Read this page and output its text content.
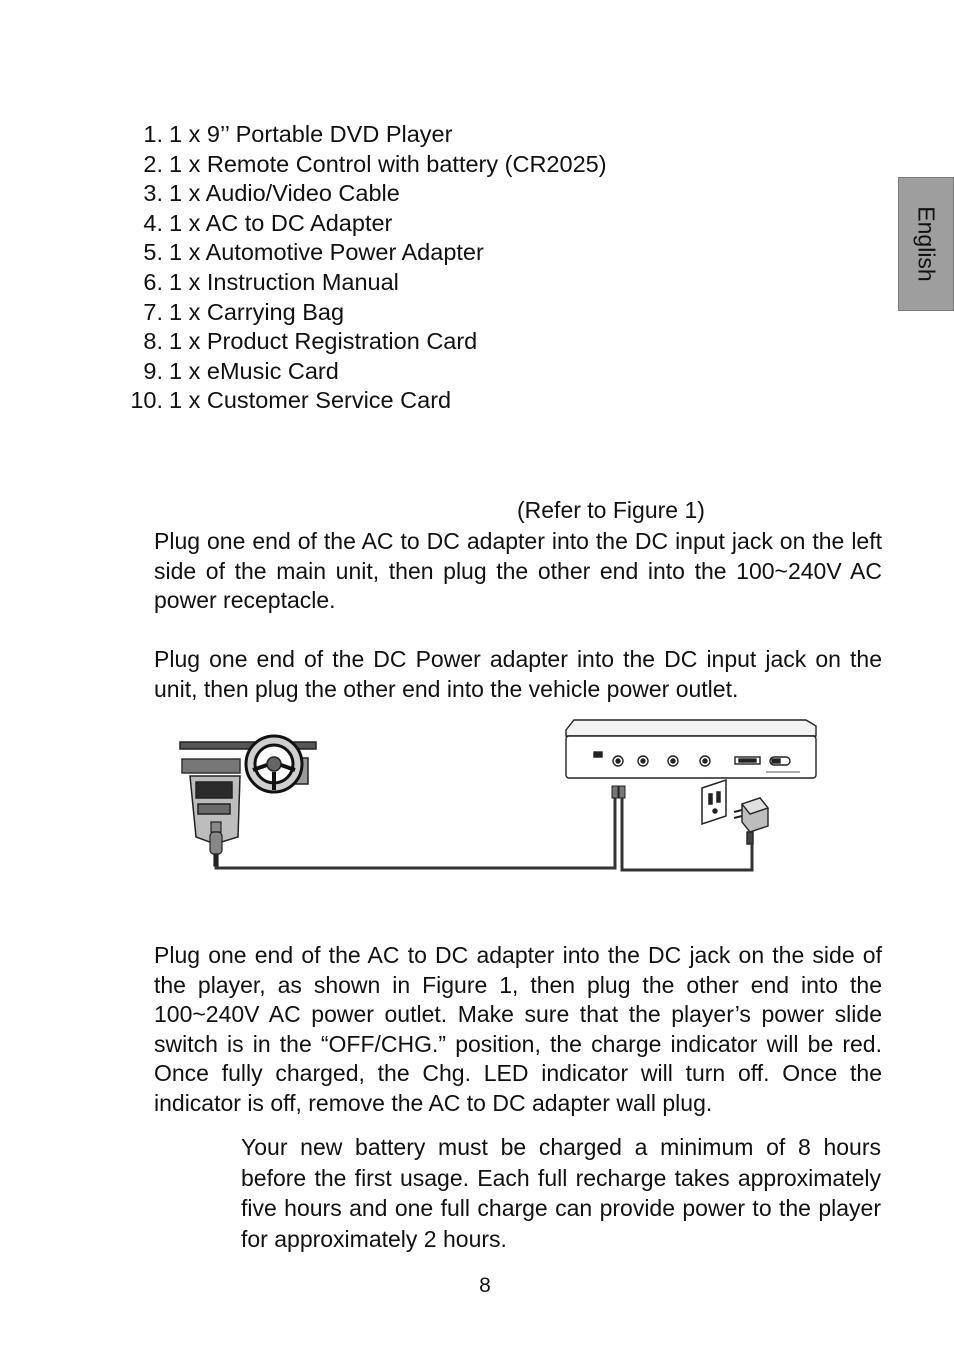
English
1. 1 x 9’’ Portable DVD Player
2. 1 x Remote Control with battery (CR2025)
3. 1 x Audio/Video Cable
4. 1 x AC to DC Adapter
5. 1 x Automotive Power Adapter
6. 1 x Instruction Manual
7. 1 x Carrying Bag
8. 1 x Product Registration Card
9. 1 x eMusic Card
10. 1 x Customer Service Card
(Refer to Figure 1)

Plug one end of the AC to DC adapter into the DC input jack on the left side of the main unit, then plug the other end into the 100~240V AC power receptacle.

Plug one end of the DC Power adapter into the DC input jack on the unit, then plug the other end into the vehicle power outlet.

Plug one end of the AC to DC adapter into the DC jack on the side of the player, as shown in Figure 1, then plug the other end into the 100~240V AC power outlet. Make sure that the player’s power slide switch is in the “OFF/CHG.” position, the charge indicator will be red. Once fully charged, the Chg. LED indicator will turn off. Once the indicator is off, remove the AC to DC adapter wall plug.

Your new battery must be charged a minimum of 8 hours before the first usage. Each full recharge takes approximately five hours and one full charge can provide power to the player for approximately 2 hours.

8
